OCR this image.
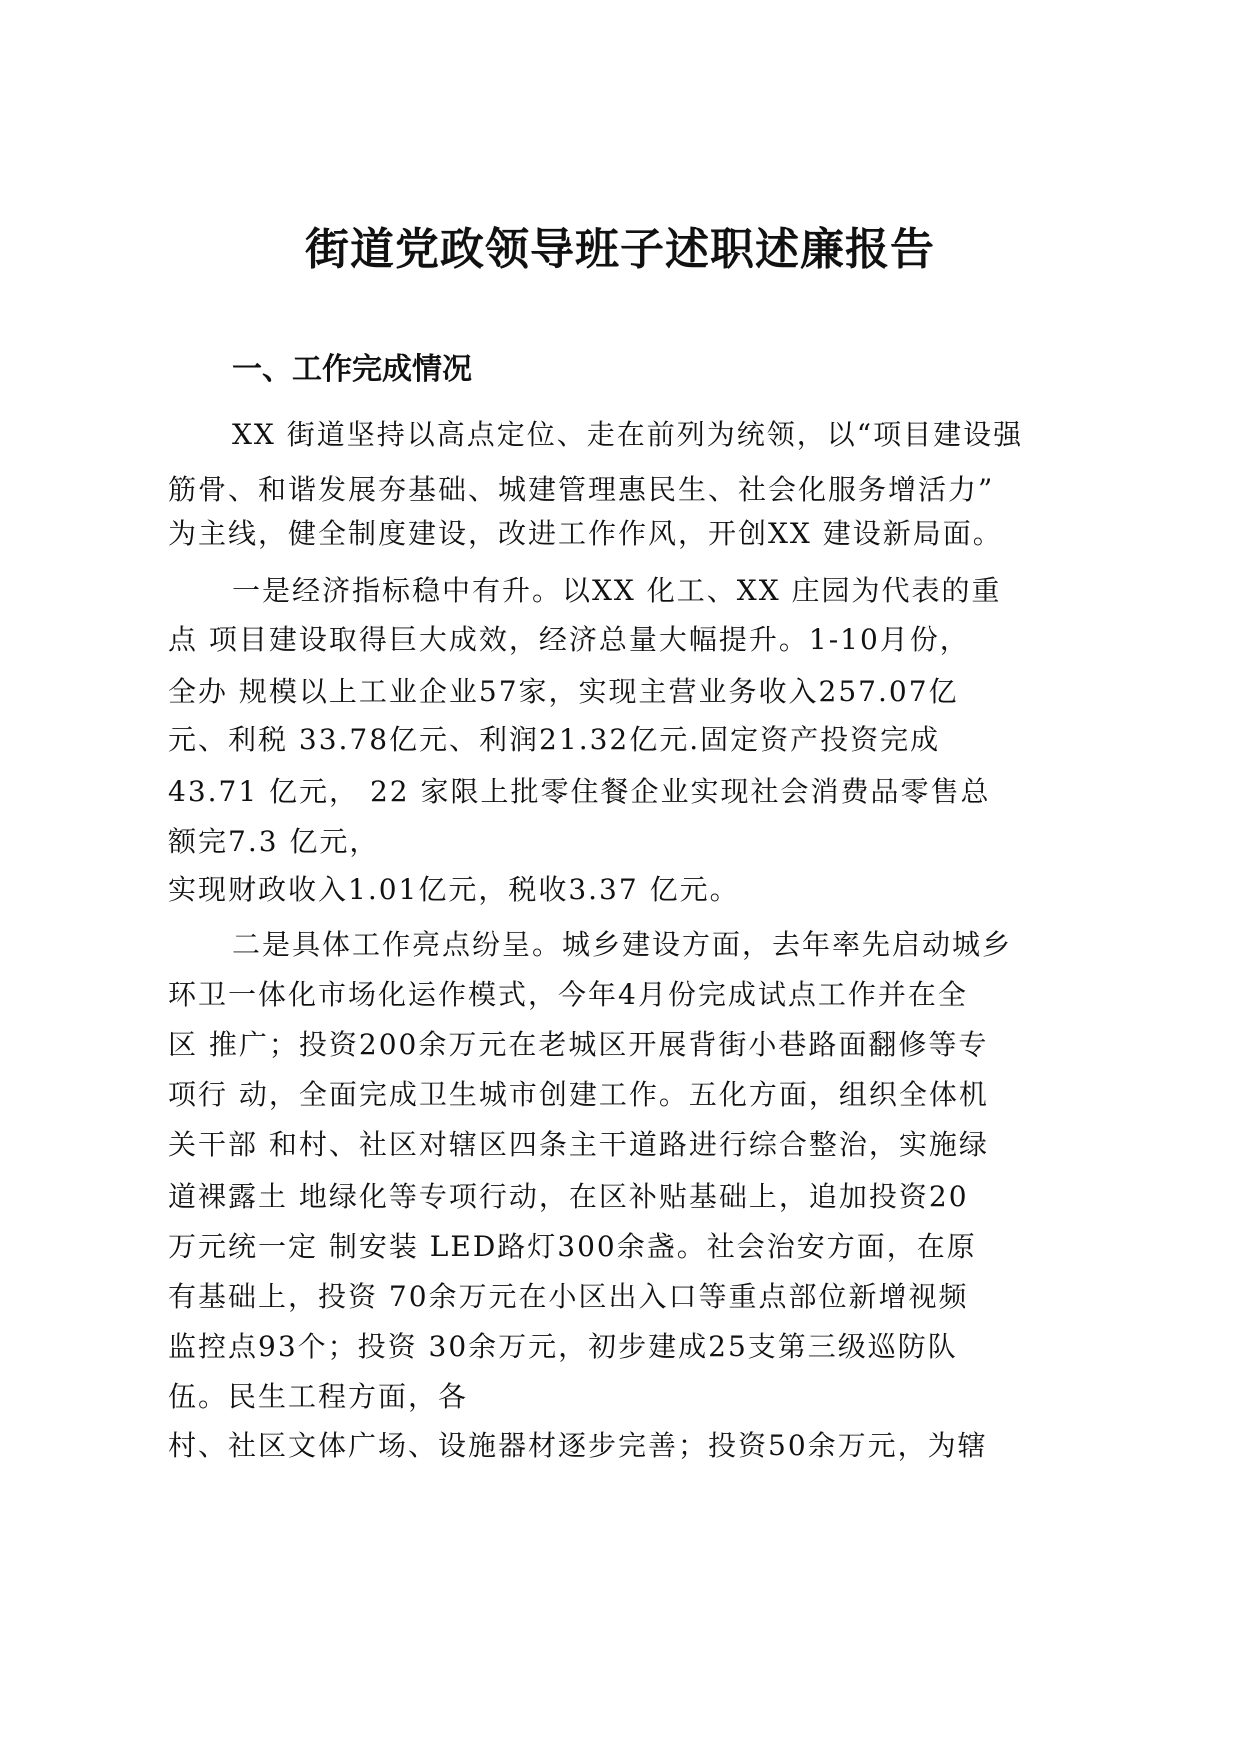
街道党政领导班子述职述廉报告
一、工作完成情况
XX 街道坚持以高点定位、走在前列为统领，以“项目建设强
筋骨、和谐发展夯基础、城建管理惠民生、社会化服务增活力”
为主线，健全制度建设，改进工作作风，开创XX 建设新局面。
一是经济指标稳中有升。以XX 化工、XX 庄园为代表的重
点 项目建设取得巨大成效，经济总量大幅提升。1-10月份，
全办 规模以上工业企业57家，实现主营业务收入257.07亿
元、利税 33.78亿元、利润21.32亿元.固定资产投资完成
43.71 亿元， 22 家限上批零住餐企业实现社会消费品零售总
额完7.3 亿元，
实现财政收入1.01亿元，税收3.37 亿元。
二是具体工作亮点纷呈。城乡建设方面，去年率先启动城乡
环卫一体化市场化运作模式，今年4月份完成试点工作并在全
区 推广；投资200余万元在老城区开展背街小巷路面翻修等专
项行 动，全面完成卫生城市创建工作。五化方面，组织全体机
关干部 和村、社区对辖区四条主干道路进行综合整治，实施绿
道裸露土 地绿化等专项行动，在区补贴基础上，追加投资20
万元统一定 制安装 LED路灯300余盏。社会治安方面，在原
有基础上，投资 70余万元在小区出入口等重点部位新增视频
监控点93个；投资 30余万元，初步建成25支第三级巡防队
伍。民生工程方面，各
村、社区文体广场、设施器材逐步完善；投资50余万元，为辖
